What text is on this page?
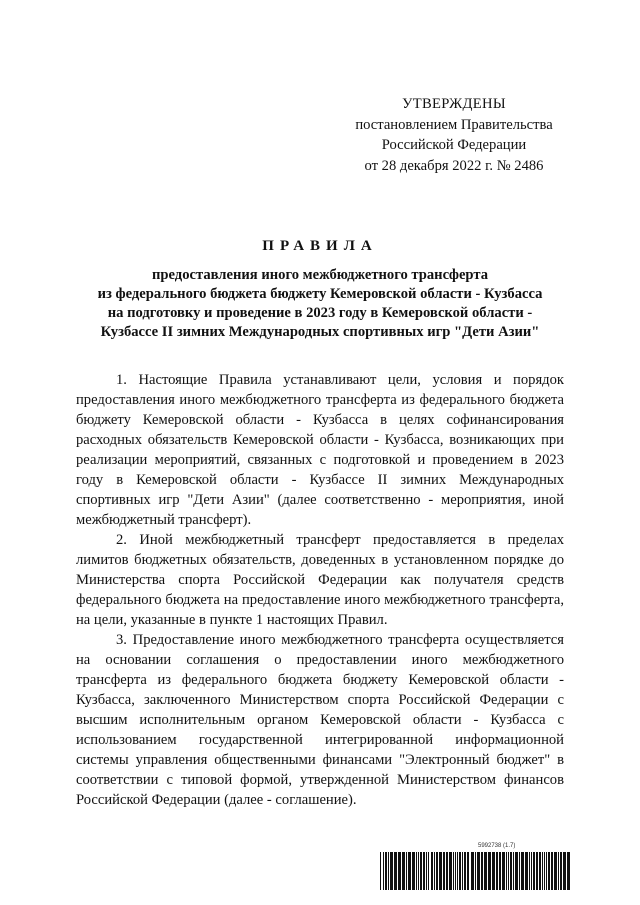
УТВЕРЖДЕНЫ
постановлением Правительства
Российской Федерации
от 28 декабря 2022 г. № 2486
ПРАВИЛА
предоставления иного межбюджетного трансферта
из федерального бюджета бюджету Кемеровской области - Кузбасса
на подготовку и проведение в 2023 году в Кемеровской области -
Кузбассе II зимних Международных спортивных игр "Дети Азии"

1. Настоящие Правила устанавливают цели, условия и порядок предоставления иного межбюджетного трансферта из федерального бюджета бюджету Кемеровской области - Кузбасса в целях софинансирования расходных обязательств Кемеровской области - Кузбасса, возникающих при реализации мероприятий, связанных с подготовкой и проведением в 2023 году в Кемеровской области - Кузбассе II зимних Международных спортивных игр "Дети Азии" (далее соответственно - мероприятия, иной межбюджетный трансферт).

2. Иной межбюджетный трансферт предоставляется в пределах лимитов бюджетных обязательств, доведенных в установленном порядке до Министерства спорта Российской Федерации как получателя средств федерального бюджета на предоставление иного межбюджетного трансферта, на цели, указанные в пункте 1 настоящих Правил.

3. Предоставление иного межбюджетного трансферта осуществляется на основании соглашения о предоставлении иного межбюджетного трансферта из федерального бюджета бюджету Кемеровской области - Кузбасса, заключенного Министерством спорта Российской Федерации с высшим исполнительным органом Кемеровской области - Кузбасса с использованием государственной интегрированной информационной системы управления общественными финансами "Электронный бюджет" в соответствии с типовой формой, утвержденной Министерством финансов Российской Федерации (далее - соглашение).

5992738 (1.7)
